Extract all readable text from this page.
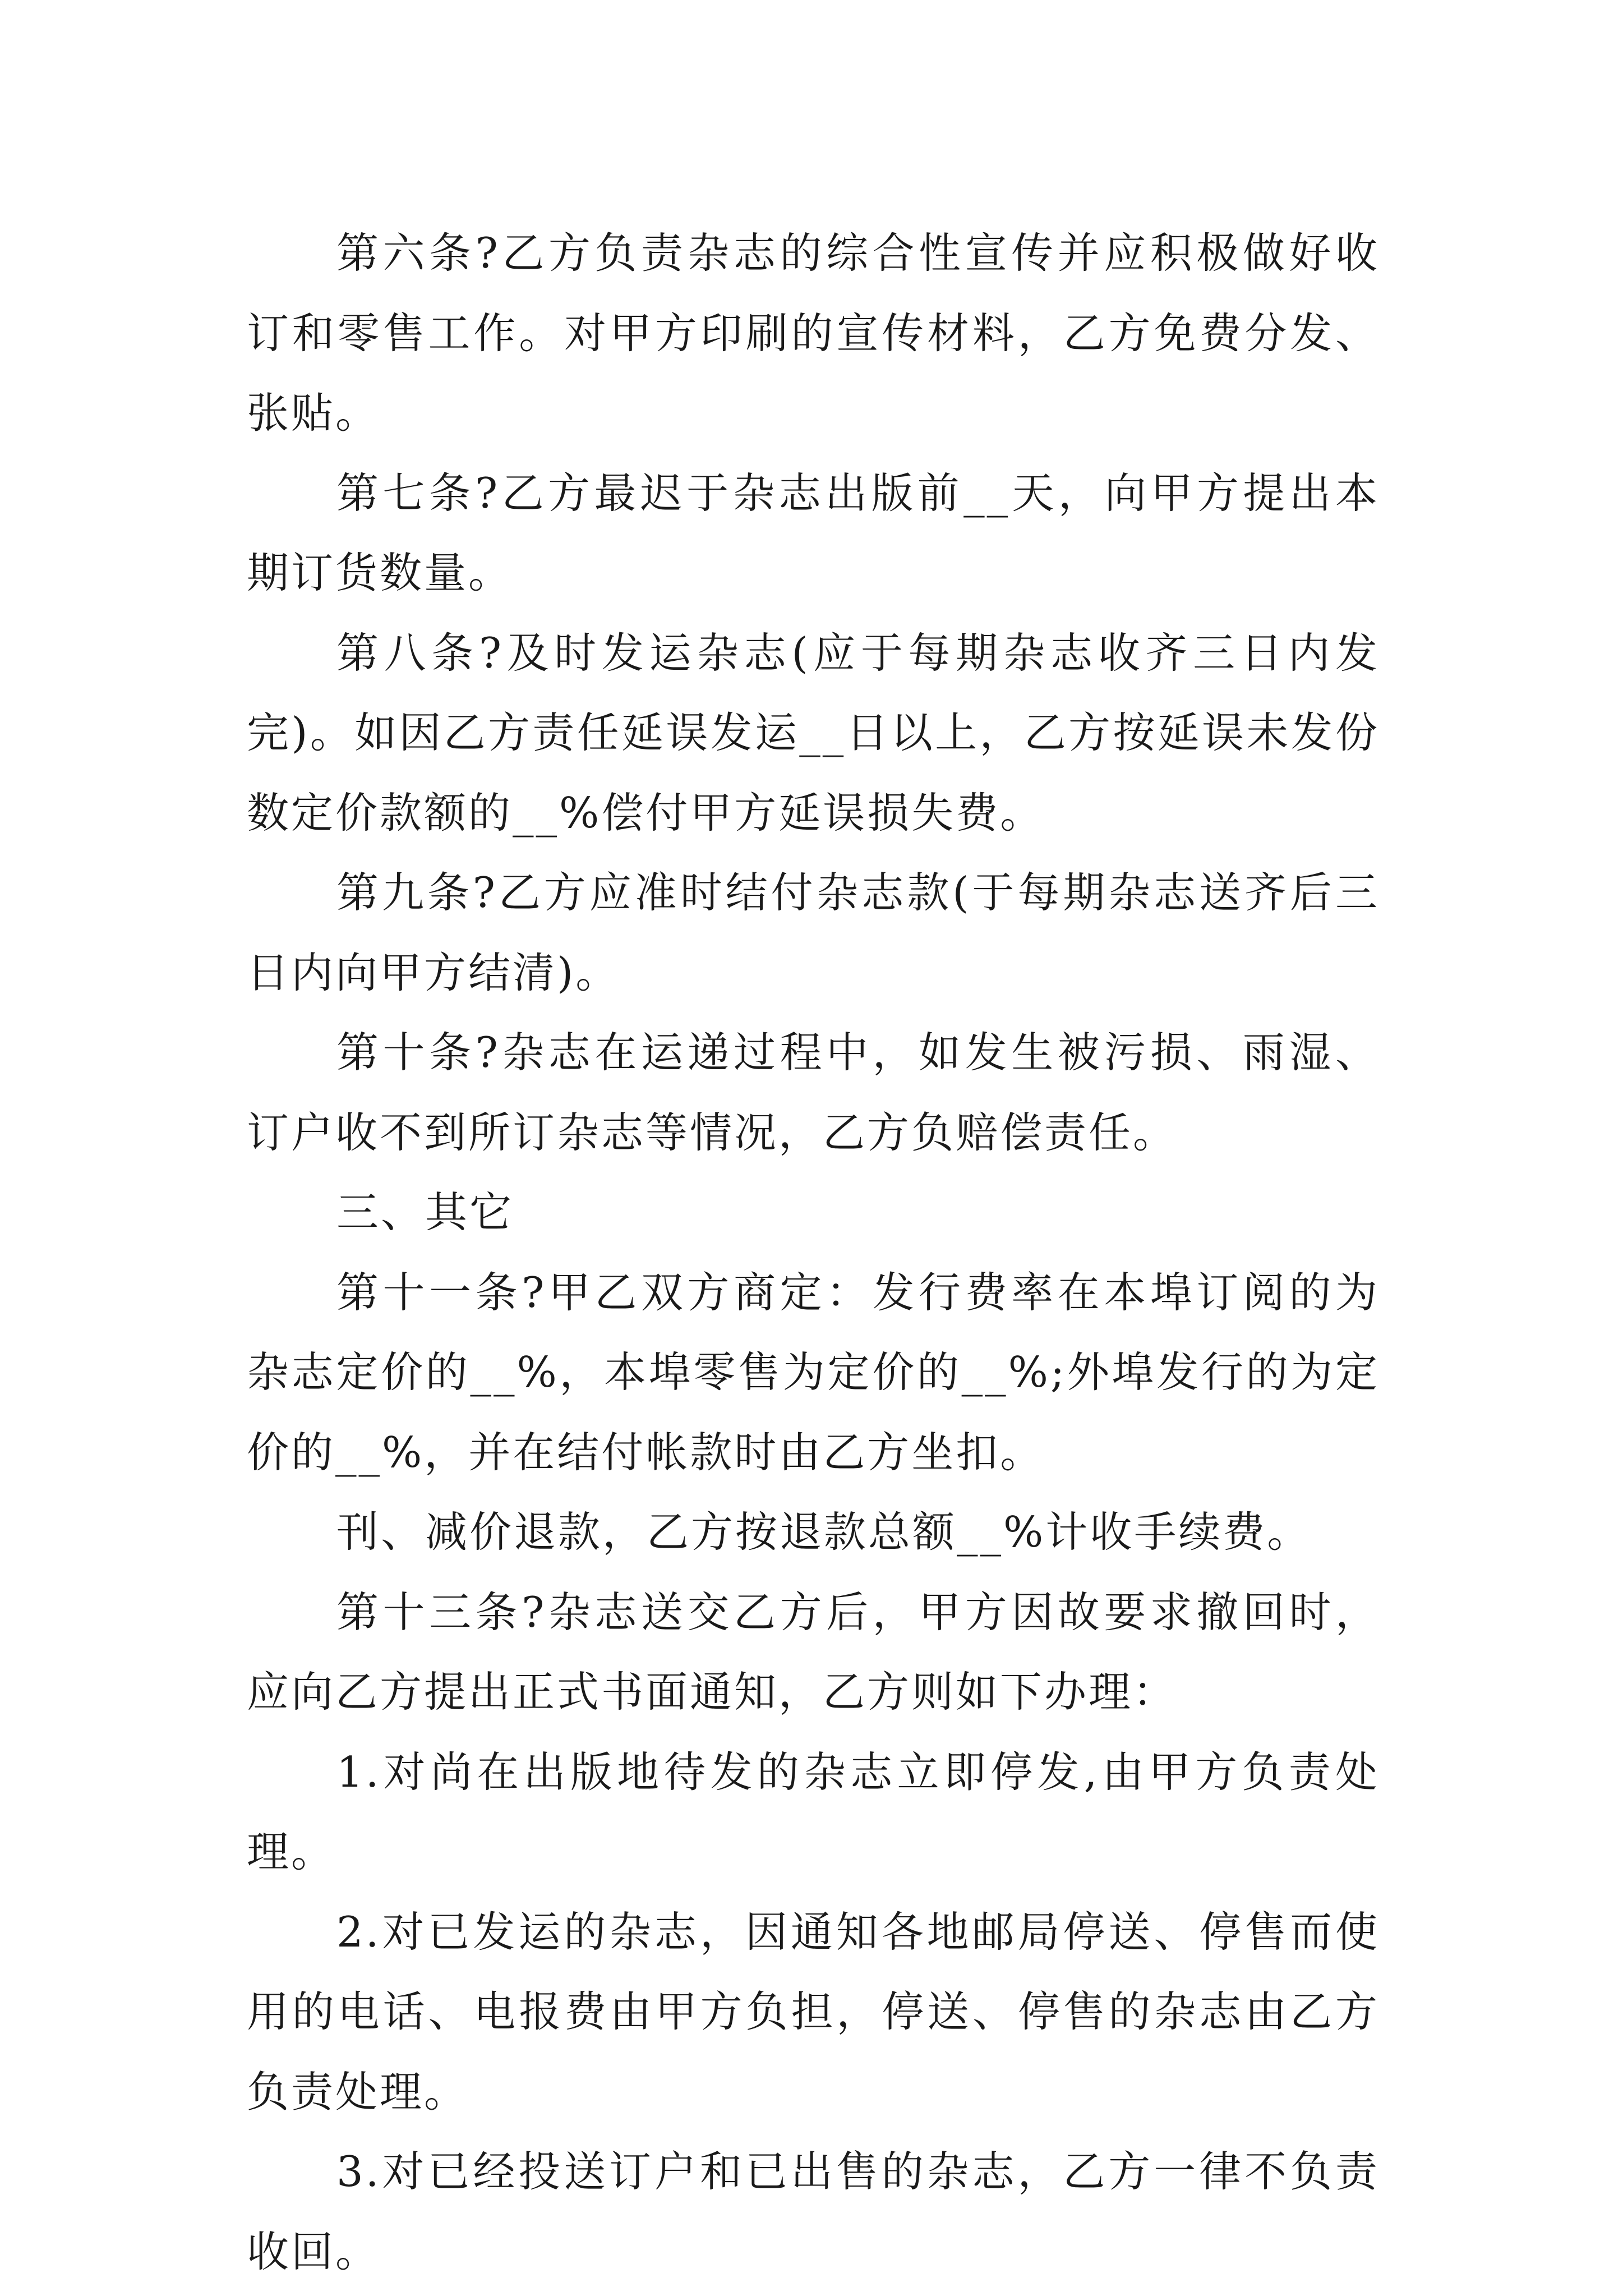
第六条?乙方负责杂志的综合性宣传并应积极做好收订和零售工作。对甲方印刷的宣传材料，乙方免费分发、张贴。

第七条?乙方最迟于杂志出版前__天，向甲方提出本期订货数量。

第八条?及时发运杂志(应于每期杂志收齐三日内发完)。如因乙方责任延误发运__日以上，乙方按延误未发份数定价款额的__%偿付甲方延误损失费。

第九条?乙方应准时结付杂志款(于每期杂志送齐后三日内向甲方结清)。

第十条?杂志在运递过程中，如发生被污损、雨湿、订户收不到所订杂志等情况，乙方负赔偿责任。

三、其它

第十一条?甲乙双方商定：发行费率在本埠订阅的为杂志定价的__%，本埠零售为定价的__%;外埠发行的为定价的__%，并在结付帐款时由乙方坐扣。

刊、减价退款，乙方按退款总额__%计收手续费。

第十三条?杂志送交乙方后，甲方因故要求撤回时，应向乙方提出正式书面通知，乙方则如下办理：

1.对尚在出版地待发的杂志立即停发,由甲方负责处理。

2.对已发运的杂志，因通知各地邮局停送、停售而使用的电话、电报费由甲方负担，停送、停售的杂志由乙方负责处理。

3.对已经投送订户和已出售的杂志，乙方一律不负责收回。
